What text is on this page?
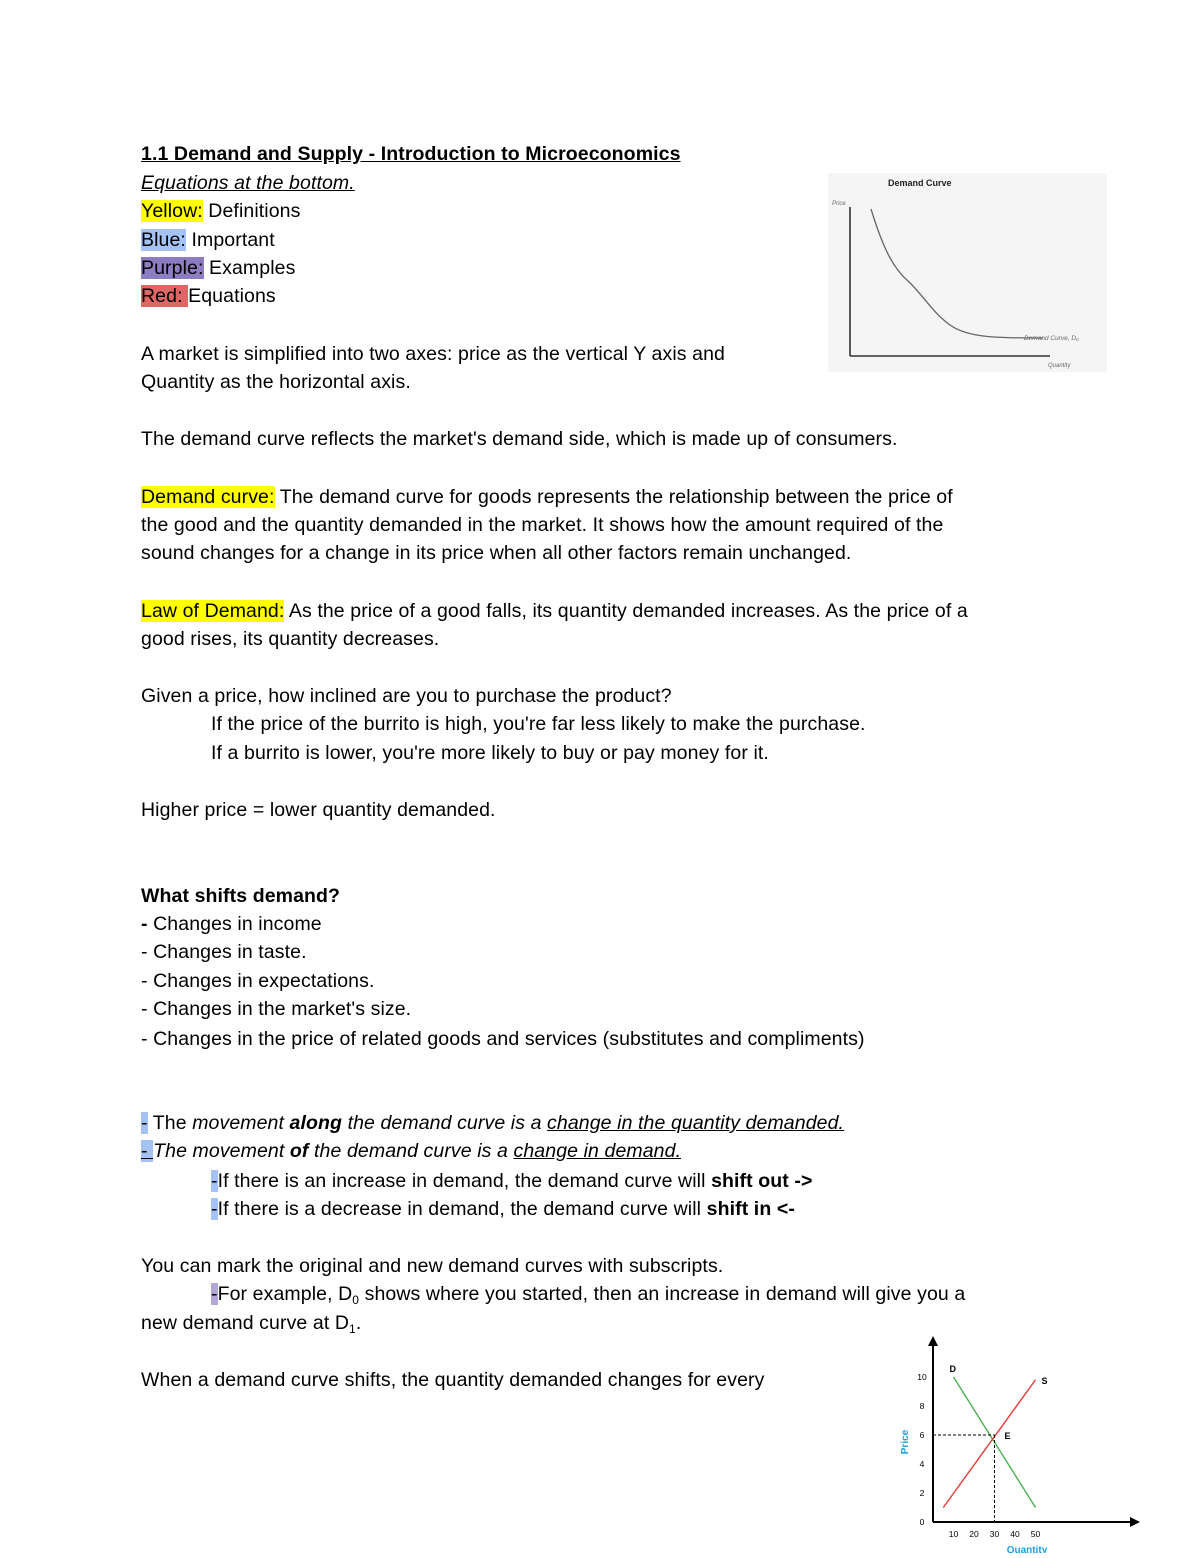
1.1 Demand and Supply - Introduction to Microeconomics
Equations at the bottom.
Yellow: Definitions
Blue: Important
Purple: Examples
Red: Equations
A market is simplified into two axes: price as the vertical Y axis and
Quantity as the horizontal axis.
The demand curve reflects the market's demand side, which is made up of consumers.
Demand curve: The demand curve for goods represents the relationship between the price of
the good and the quantity demanded in the market. It shows how the amount required of the
sound changes for a change in its price when all other factors remain unchanged.
Law of Demand: As the price of a good falls, its quantity demanded increases. As the price of a
good rises, its quantity decreases.
Given a price, how inclined are you to purchase the product?
If the price of the burrito is high, you're far less likely to make the purchase.
If a burrito is lower, you're more likely to buy or pay money for it.
Higher price = lower quantity demanded.
What shifts demand?
- Changes in income
- Changes in taste.
- Changes in expectations.
- Changes in the market's size.
- Changes in the price of related goods and services (substitutes and compliments)
- The movement along the demand curve is a change in the quantity demanded.
- The movement of the demand curve is a change in demand.
-If there is an increase in demand, the demand curve will shift out ->
-If there is a decrease in demand, the demand curve will shift in <-
You can mark the original and new demand curves with subscripts.
-For example, $D_0$ shows where you started, then an increase in demand will give you a
new demand curve at $D_1$.
When a demand curve shifts, the quantity demanded changes for every
Demand Curve
Price
Demand Curve, D₀
Quantity
Price
Quantity
0
2
4
6
8
10
10 20 30 40 50
D
S
E
